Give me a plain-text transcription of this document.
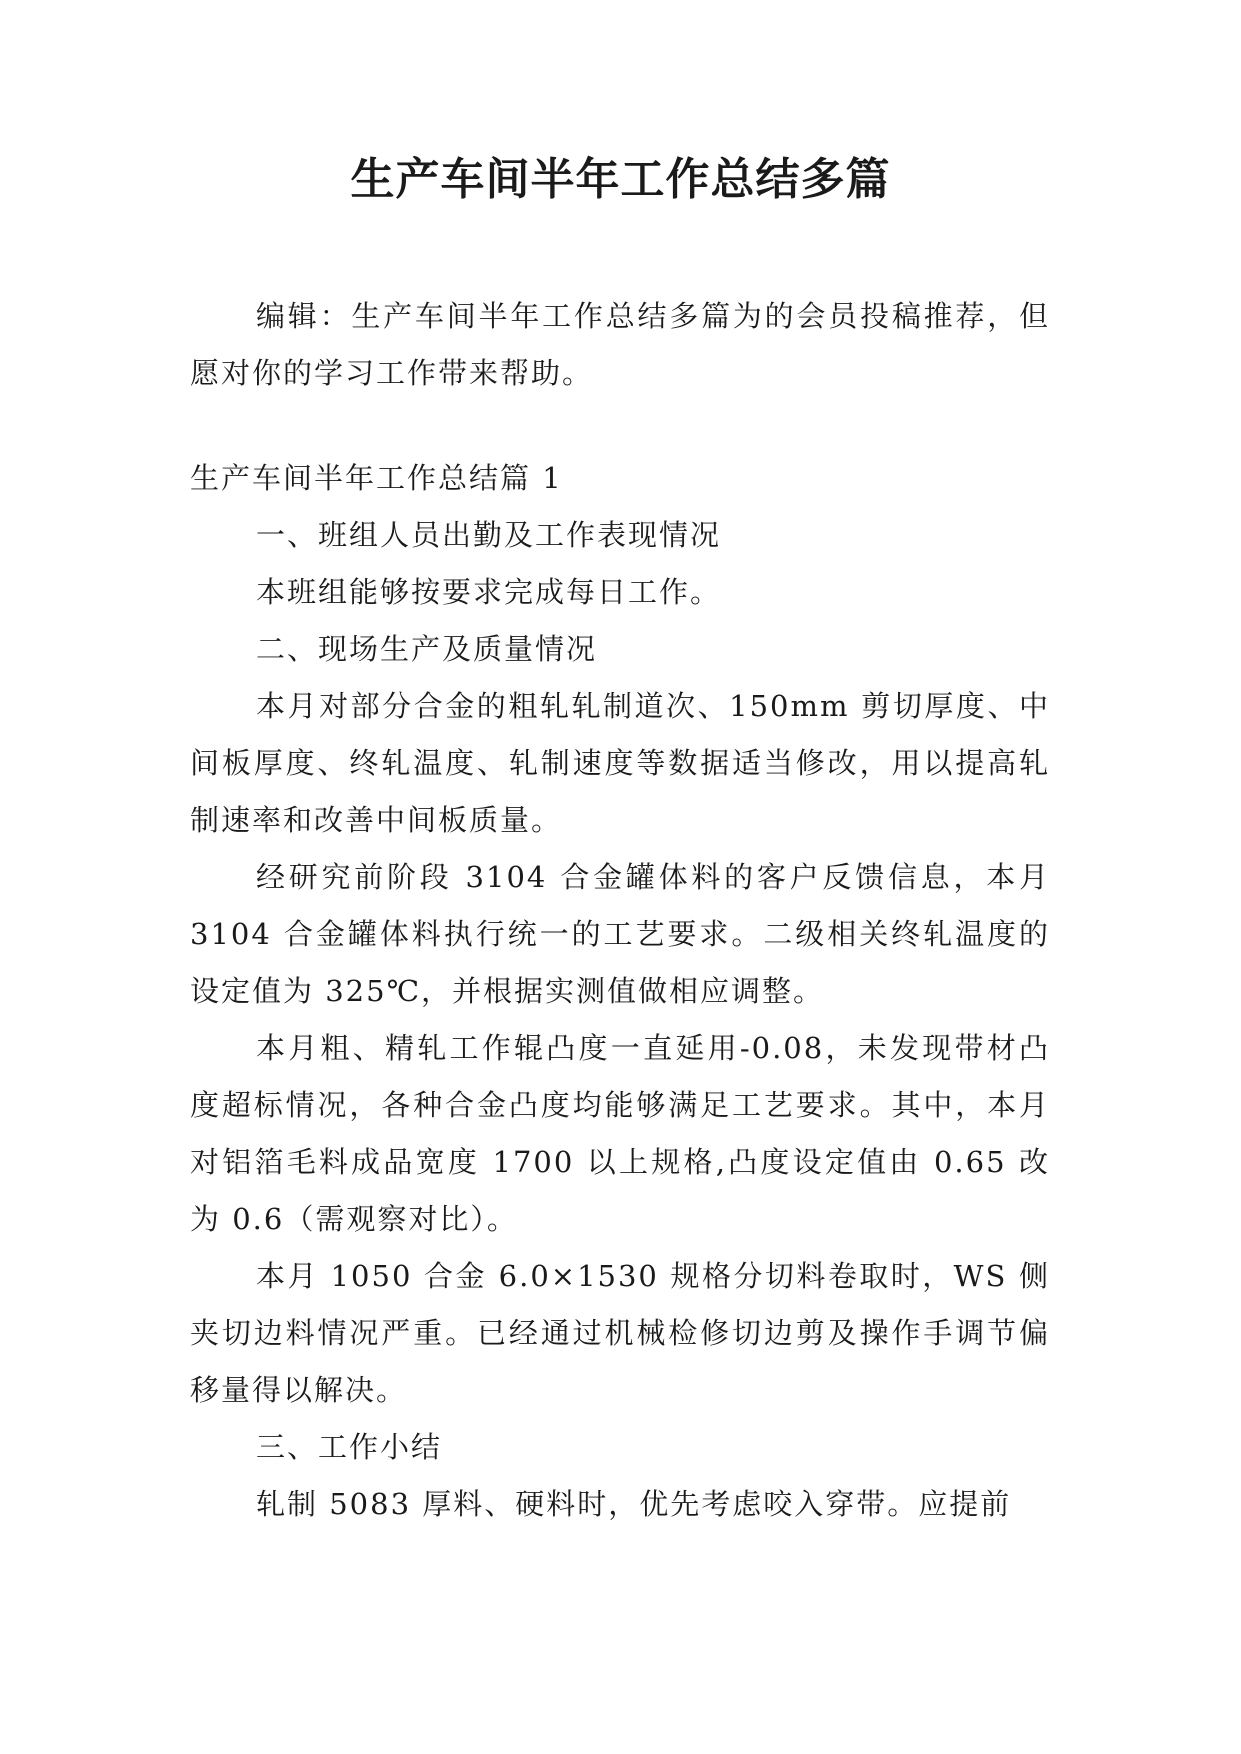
生产车间半年工作总结多篇

编辑：生产车间半年工作总结多篇为的会员投稿推荐，但愿对你的学习工作带来帮助。

生产车间半年工作总结篇 1

一、班组人员出勤及工作表现情况

本班组能够按要求完成每日工作。

二、现场生产及质量情况

本月对部分合金的粗轧轧制道次、150mm 剪切厚度、中间板厚度、终轧温度、轧制速度等数据适当修改，用以提高轧制速率和改善中间板质量。

经研究前阶段 3104 合金罐体料的客户反馈信息，本月 3104 合金罐体料执行统一的工艺要求。二级相关终轧温度的设定值为 325℃，并根据实测值做相应调整。

本月粗、精轧工作辊凸度一直延用-0.08，未发现带材凸度超标情况，各种合金凸度均能够满足工艺要求。其中，本月对铝箔毛料成品宽度 1700 以上规格,凸度设定值由 0.65 改为 0.6（需观察对比）。

本月 1050 合金 6.0×1530 规格分切料卷取时，WS 侧夹切边料情况严重。已经通过机械检修切边剪及操作手调节偏移量得以解决。

三、工作小结

轧制 5083 厚料、硬料时，优先考虑咬入穿带。应提前
